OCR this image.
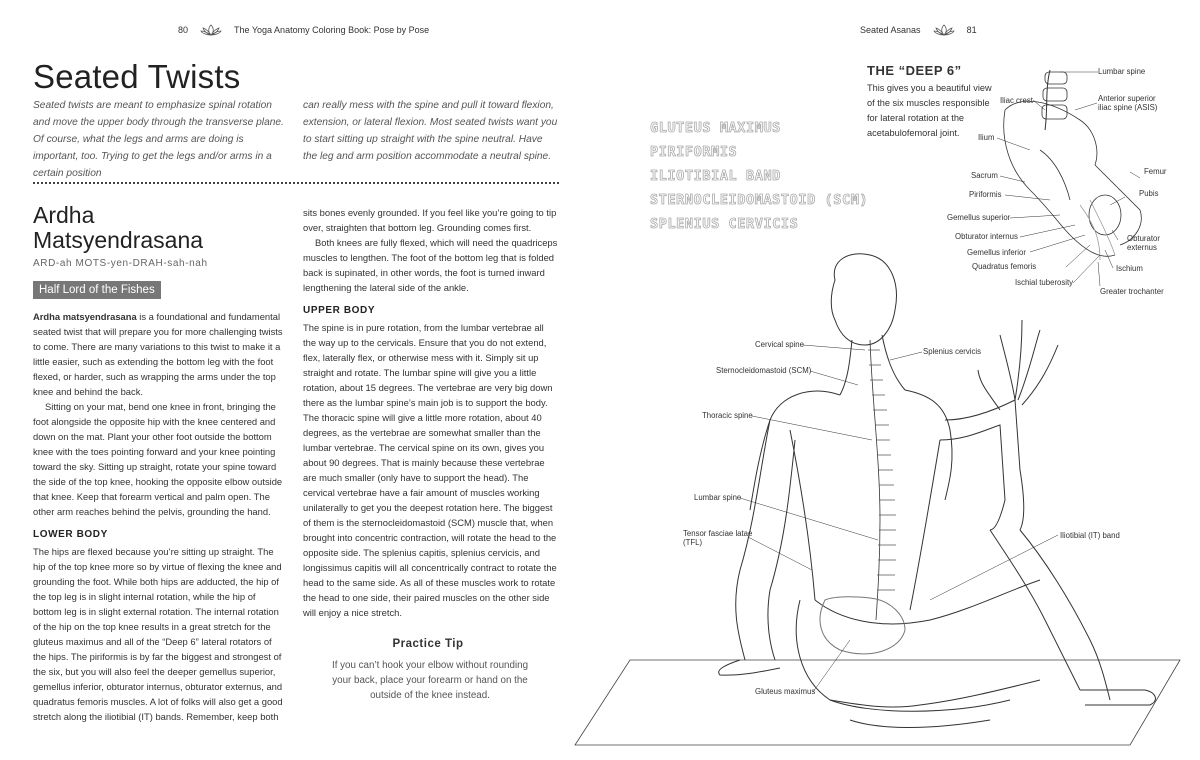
80	The Yoga Anatomy Coloring Book: Pose by Pose	Seated Asanas	81
Seated Twists
Seated twists are meant to emphasize spinal rotation and move the upper body through the transverse plane. Of course, what the legs and arms are doing is important, too. Trying to get the legs and/or arms in a certain position
can really mess with the spine and pull it toward flexion, extension, or lateral flexion. Most seated twists want you to start sitting up straight with the spine neutral. Have the leg and arm position accommodate a neutral spine.
Ardha
Matsyendrasana
ARD-ah MOTS-yen-DRAH-sah-nah
Half Lord of the Fishes

Ardha matsyendrasana is a foundational and fundamental seated twist that will prepare you for more challenging twists to come. There are many variations to this twist to make it a little easier, such as extending the bottom leg with the foot flexed, or harder, such as wrapping the arms under the top knee and behind the back.

Sitting on your mat, bend one knee in front, bringing the foot alongside the opposite hip with the knee centered and down on the mat. Plant your other foot outside the bottom knee with the toes pointing forward and your knee pointing toward the sky. Sitting up straight, rotate your spine toward the side of the top knee, hooking the opposite elbow outside that knee. Keep that forearm vertical and palm open. The other arm reaches behind the pelvis, grounding the hand.

LOWER BODY

The hips are flexed because you’re sitting up straight. The hip of the top knee more so by virtue of flexing the knee and grounding the foot. While both hips are adducted, the hip of the top leg is in slight internal rotation, while the hip of bottom leg is in slight external rotation. The internal rotation of the hip on the top knee results in a great stretch for the gluteus maximus and all of the “Deep 6” lateral rotators of the hips. The piriformis is by far the biggest and strongest of the six, but you will also feel the deeper gemellus superior, gemellus inferior, obturator internus, obturator externus, and quadratus femoris muscles. A lot of folks will also get a good stretch along the iliotibial (IT) bands. Remember, keep both

sits bones evenly grounded. If you feel like you’re going to tip over, straighten that bottom leg. Grounding comes first.

Both knees are fully flexed, which will need the quadriceps muscles to lengthen. The foot of the bottom leg that is folded back is supinated, in other words, the foot is turned inward lengthening the lateral side of the ankle.

UPPER BODY

The spine is in pure rotation, from the lumbar vertebrae all the way up to the cervicals. Ensure that you do not extend, flex, laterally flex, or otherwise mess with it. Simply sit up straight and rotate. The lumbar spine will give you a little rotation, about 15 degrees. The vertebrae are very big down there as the lumbar spine’s main job is to support the body. The thoracic spine will give a little more rotation, about 40 degrees, as the vertebrae are somewhat smaller than the lumbar vertebrae. The cervical spine on its own, gives you about 90 degrees. That is mainly because these vertebrae are much smaller (only have to support the head). The cervical vertebrae have a fair amount of muscles working unilaterally to get you the deepest rotation here. The biggest of them is the sternocleidomastoid (SCM) muscle that, when brought into concentric contraction, will rotate the head to the opposite side. The splenius capitis, splenius cervicis, and longissimus capitis will all concentrically contract to rotate the head to the same side. As all of these muscles work to rotate the head to one side, their paired muscles on the other side will enjoy a nice stretch.

Practice Tip
If you can’t hook your elbow without rounding your back, place your forearm or hand on the outside of the knee instead.
THE “DEEP 6”
This gives you a beautiful view of the six muscles responsible for lateral rotation at the acetabulofemoral joint.
GLUTEUS MAXIMUS
PIRIFORMIS
ILIOTIBIAL BAND
STERNOCLEIDOMASTOID (SCM)
SPLENIUS CERVICIS
Lumbar spine
Iliac crest	Anterior superior iliac spine (ASIS)
Ilium
Sacrum	Femur
Piriformis	Pubis
Gemellus superior
Obturator internus	Obturator externus
Gemellus inferior
Quadratus femoris	Ischium
Ischial tuberosity
Greater trochanter
Cervical spine
Splenius cervicis
Sternocleidomastoid (SCM)
Thoracic spine
Lumbar spine
Tensor fasciae latae (TFL)
Iliotibial (IT) band
Gluteus maximus
